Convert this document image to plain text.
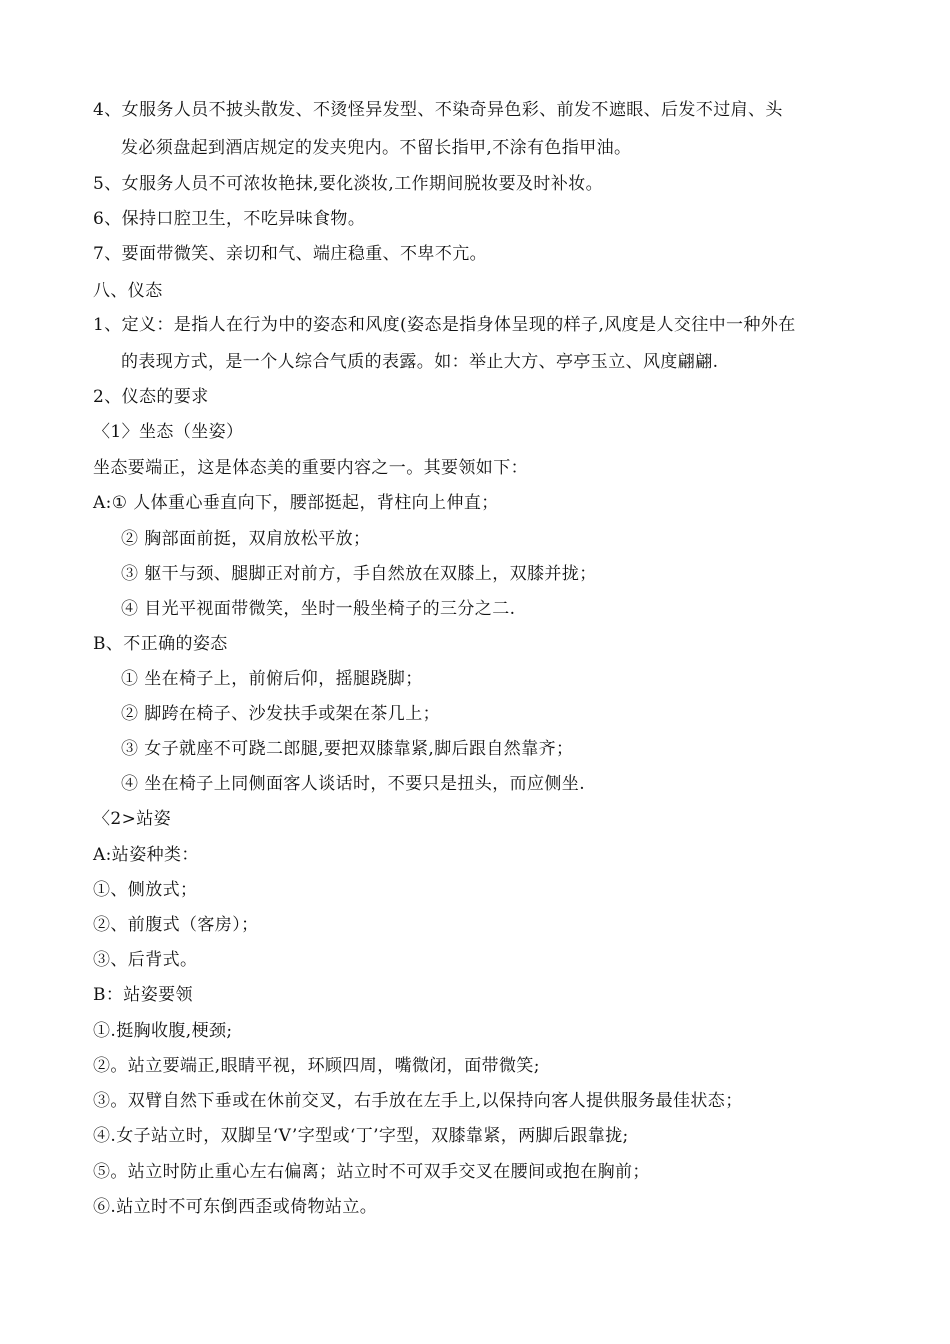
4、女服务人员不披头散发、不烫怪异发型、不染奇异色彩、前发不遮眼、后发不过肩、头
发必须盘起到酒店规定的发夹兜内。不留长指甲,不涂有色指甲油。
5、女服务人员不可浓妆艳抹,要化淡妆,工作期间脱妆要及时补妆。
6、保持口腔卫生，不吃异味食物。
7、要面带微笑、亲切和气、端庄稳重、不卑不亢。
八、仪态
1、定义：是指人在行为中的姿态和风度(姿态是指身体呈现的样子,风度是人交往中一种外在
的表现方式，是一个人综合气质的表露。如：举止大方、亭亭玉立、风度翩翩.
2、仪态的要求
〈1〉坐态（坐姿）
坐态要端正，这是体态美的重要内容之一。其要领如下：
A:① 人体重心垂直向下，腰部挺起，背柱向上伸直；
② 胸部面前挺，双肩放松平放；
③ 躯干与颈、腿脚正对前方，手自然放在双膝上，双膝并拢；
④ 目光平视面带微笑，坐时一般坐椅子的三分之二.
B、不正确的姿态
① 坐在椅子上，前俯后仰，摇腿跷脚；
② 脚跨在椅子、沙发扶手或架在茶几上；
③ 女子就座不可跷二郎腿,要把双膝靠紧,脚后跟自然靠齐；
④ 坐在椅子上同侧面客人谈话时，不要只是扭头，而应侧坐.
〈2>站姿
A:站姿种类：
①、侧放式；
②、前腹式（客房）；
③、后背式。
B：站姿要领
①.挺胸收腹,梗颈;
②。站立要端正,眼睛平视，环顾四周，嘴微闭，面带微笑;
③。双臂自然下垂或在休前交叉，右手放在左手上,以保持向客人提供服务最佳状态；
④.女子站立时，双脚呈‘V’字型或‘丁’字型，双膝靠紧，两脚后跟靠拢;
⑤。站立时防止重心左右偏离；站立时不可双手交叉在腰间或抱在胸前；
⑥.站立时不可东倒西歪或倚物站立。
